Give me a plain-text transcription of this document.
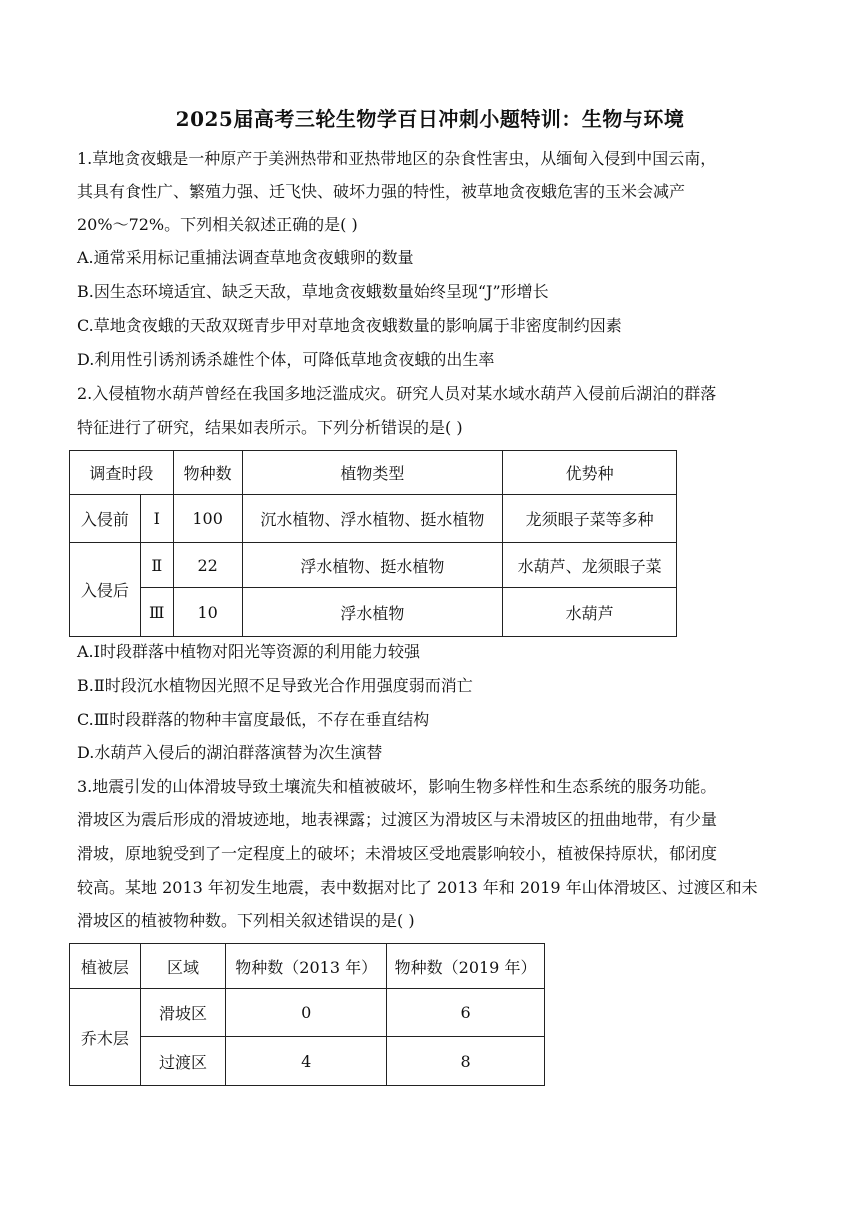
2025届高考三轮生物学百日冲刺小题特训：生物与环境
1.草地贪夜蛾是一种原产于美洲热带和亚热带地区的杂食性害虫，从缅甸入侵到中国云南，
其具有食性广、繁殖力强、迁飞快、破坏力强的特性，被草地贪夜蛾危害的玉米会减产
20%～72%。下列相关叙述正确的是( )
A.通常采用标记重捕法调查草地贪夜蛾卵的数量
B.因生态环境适宜、缺乏天敌，草地贪夜蛾数量始终呈现“J”形增长
C.草地贪夜蛾的天敌双斑青步甲对草地贪夜蛾数量的影响属于非密度制约因素
D.利用性引诱剂诱杀雄性个体，可降低草地贪夜蛾的出生率
2.入侵植物水葫芦曾经在我国多地泛滥成灾。研究人员对某水域水葫芦入侵前后湖泊的群落
特征进行了研究，结果如表所示。下列分析错误的是( )
调查时段		物种数	植物类型	优势种
入侵前	Ⅰ	100	沉水植物、浮水植物、挺水植物	龙须眼子菜等多种
入侵后	Ⅱ	22	浮水植物、挺水植物	水葫芦、龙须眼子菜
	Ⅲ	10	浮水植物	水葫芦
A.Ⅰ时段群落中植物对阳光等资源的利用能力较强
B.Ⅱ时段沉水植物因光照不足导致光合作用强度弱而消亡
C.Ⅲ时段群落的物种丰富度最低，不存在垂直结构
D.水葫芦入侵后的湖泊群落演替为次生演替
3.地震引发的山体滑坡导致土壤流失和植被破坏，影响生物多样性和生态系统的服务功能。
滑坡区为震后形成的滑坡迹地，地表裸露；过渡区为滑坡区与未滑坡区的扭曲地带，有少量
滑坡，原地貌受到了一定程度上的破坏；未滑坡区受地震影响较小，植被保持原状，郁闭度
较高。某地 2013 年初发生地震，表中数据对比了 2013 年和 2019 年山体滑坡区、过渡区和未
滑坡区的植被物种数。下列相关叙述错误的是( )
植被层	区域	物种数（2013 年）	物种数（2019 年）
乔木层	滑坡区	0	6
	过渡区	4	8
